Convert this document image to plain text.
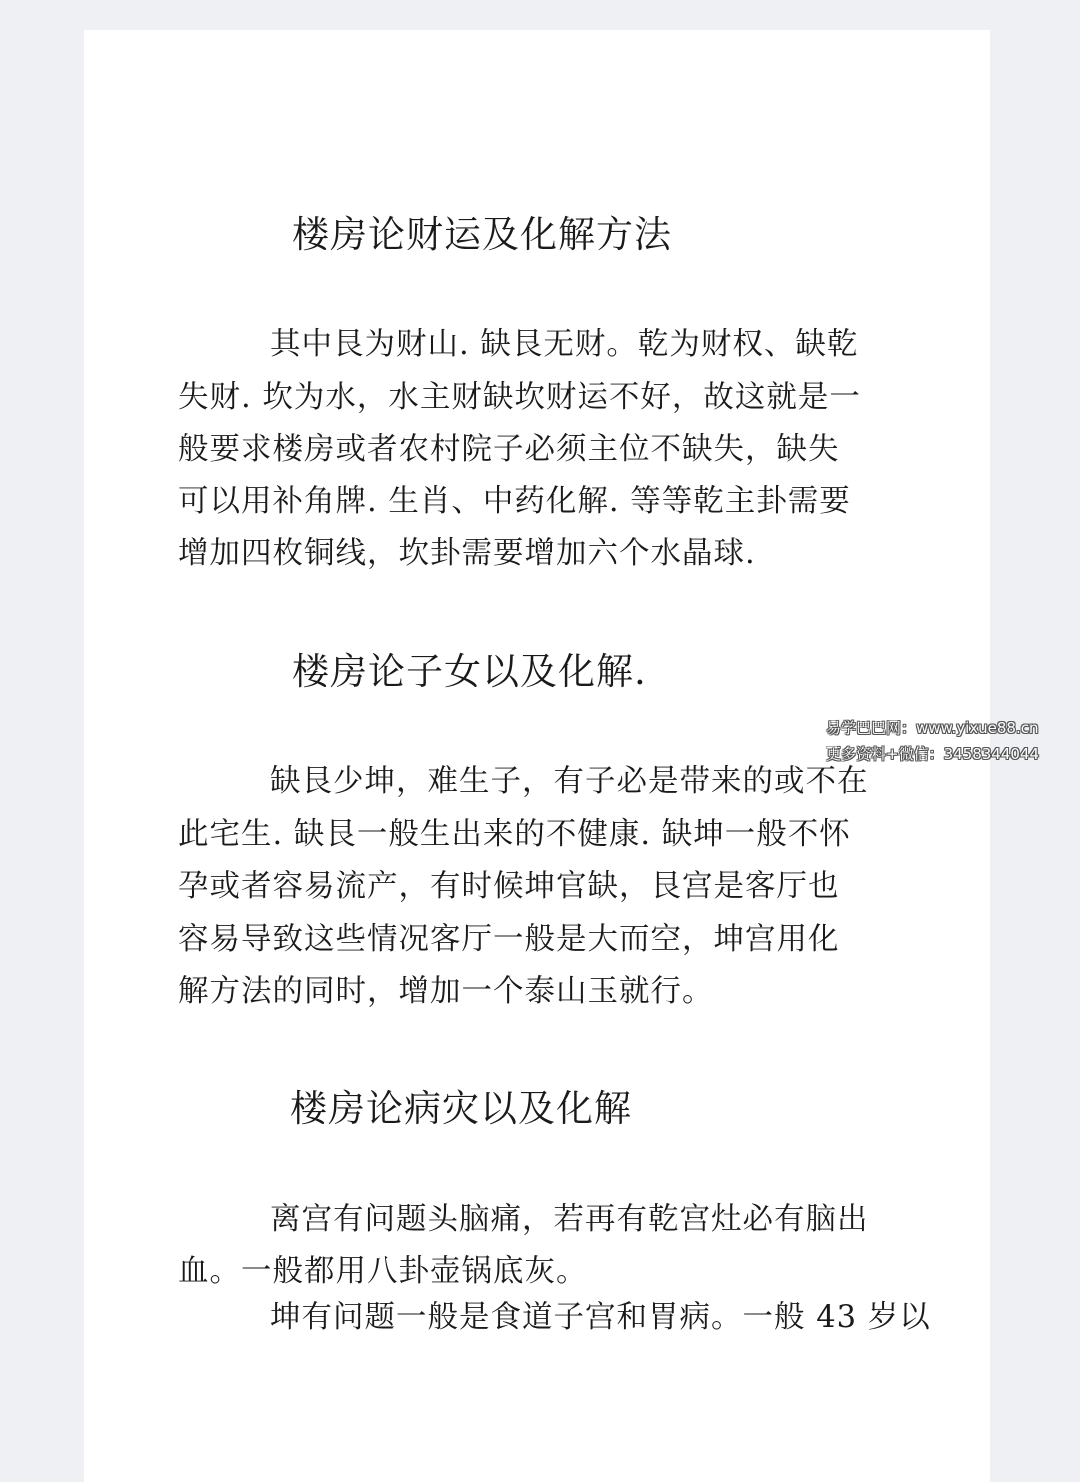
楼房论财运及化解方法

其中艮为财山. 缺艮无财。乾为财权、缺乾

失财. 坎为水，水主财缺坎财运不好，故这就是一

般要求楼房或者农村院子必须主位不缺失，缺失

可以用补角牌. 生肖、中药化解. 等等乾主卦需要

增加四枚铜线，坎卦需要增加六个水晶球.

楼房论子女以及化解.

缺艮少坤，难生子，有子必是带来的或不在

此宅生. 缺艮一般生出来的不健康. 缺坤一般不怀

孕或者容易流产，有时候坤官缺，艮宫是客厅也

容易导致这些情况客厅一般是大而空，坤宫用化

解方法的同时，增加一个泰山玉就行。

楼房论病灾以及化解

离宫有问题头脑痛，若再有乾宫灶必有脑出

血。一般都用八卦壶锅底灰。

坤有问题一般是食道子宫和胃病。一般 43 岁以

易学巴巴网：www.yixue88.cn
更多资料+微信：3458344044
